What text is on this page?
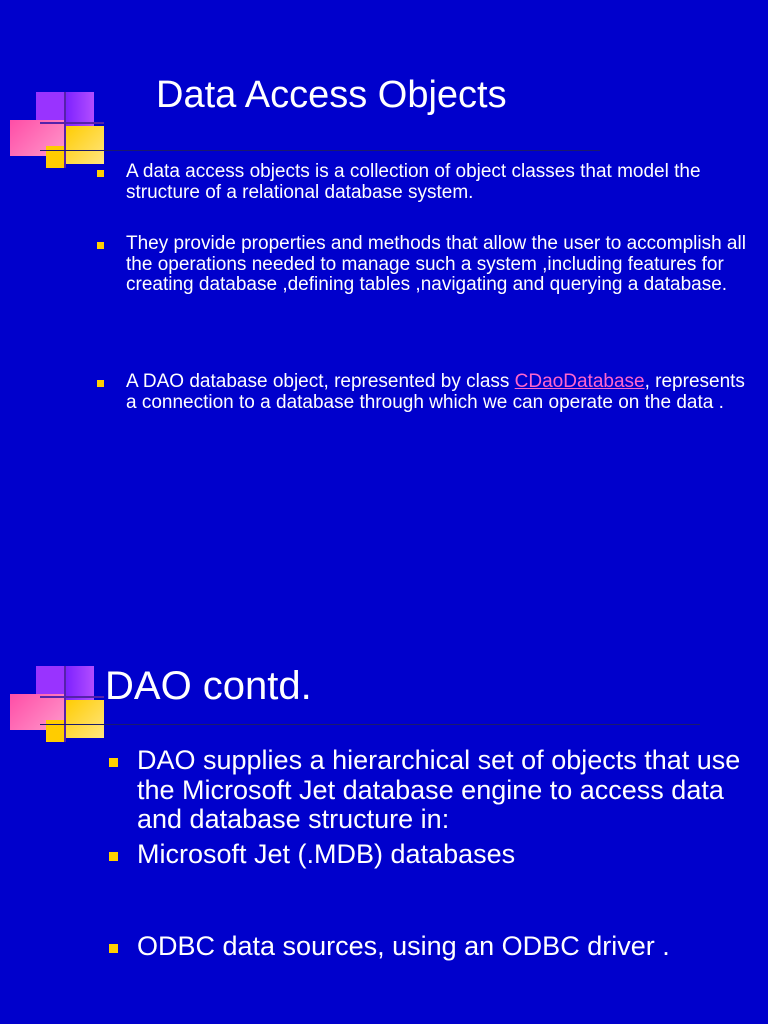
Data Access Objects
A data access objects is a collection of object classes that model the structure of a relational database system.
They provide properties and methods that allow the user to accomplish all the operations needed to manage such a system ,including features for creating database ,defining tables ,navigating and querying a database.
A DAO database object, represented by class CDaoDatabase, represents a connection to a database through which we can operate on the data .
DAO contd.
DAO supplies a hierarchical set of objects that use the Microsoft Jet database engine to access data and database structure in:
Microsoft Jet (.MDB) databases
ODBC data sources, using an ODBC driver .
